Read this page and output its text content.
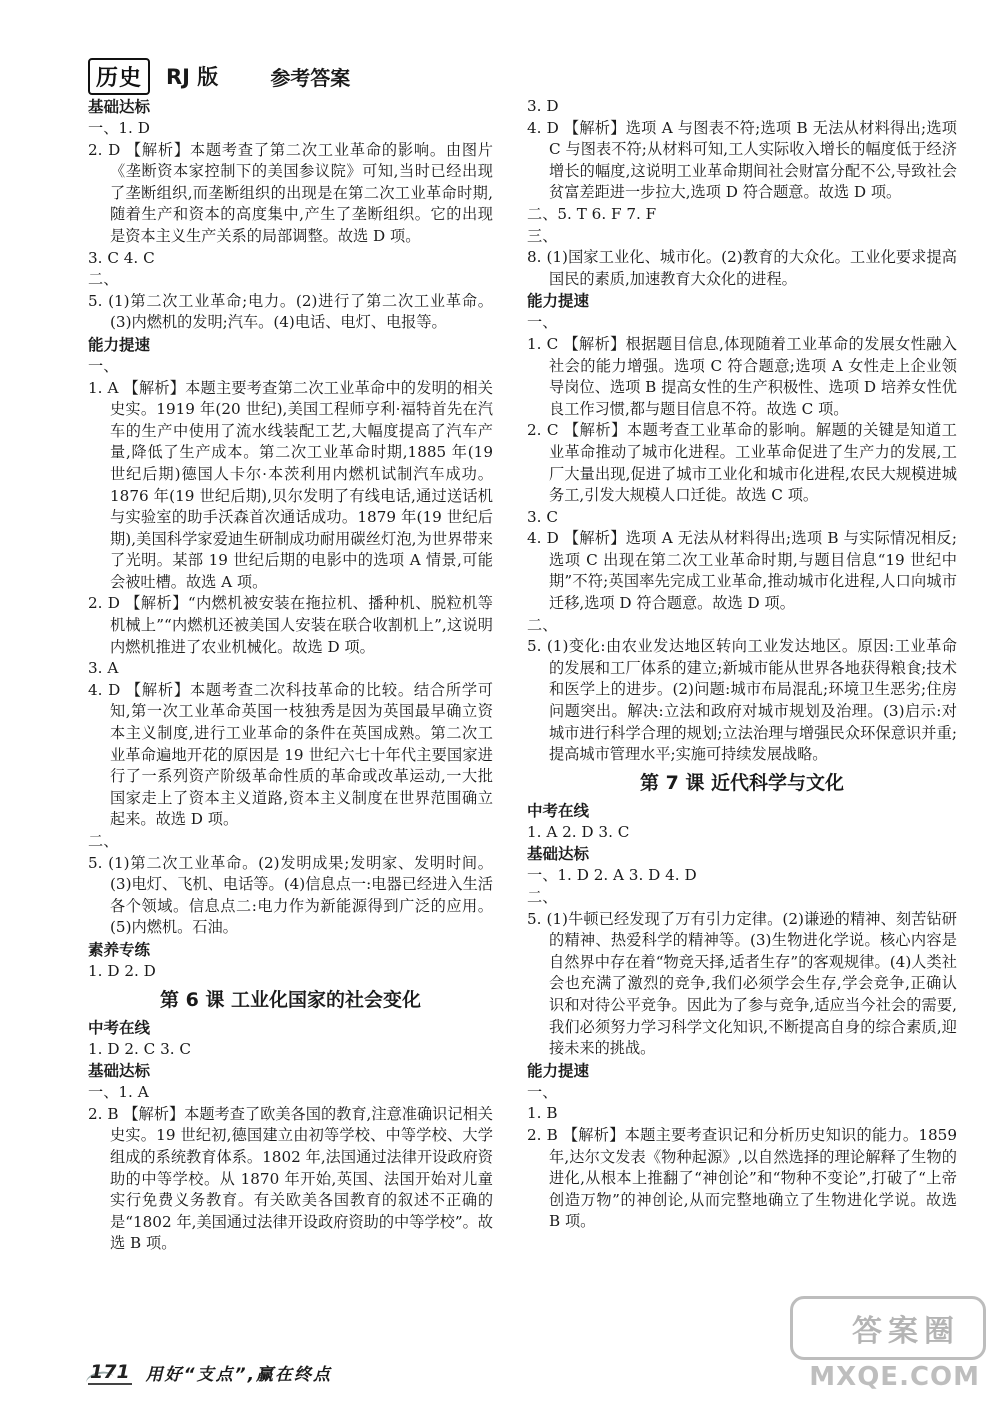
历史	RJ 版	参考答案
基础达标
一、1. D
2. D 【解析】本题考查了第二次工业革命的影响。由图片《垄断资本家控制下的美国参议院》可知,当时已经出现了垄断组织,而垄断组织的出现是在第二次工业革命时期,随着生产和资本的高度集中,产生了垄断组织。它的出现是资本主义生产关系的局部调整。故选 D 项。
3. C 4. C
二、
5. (1)第二次工业革命;电力。(2)进行了第二次工业革命。(3)内燃机的发明;汽车。(4)电话、电灯、电报等。
能力提速
一、
1. A 【解析】本题主要考查第二次工业革命中的发明的相关史实。1919 年(20 世纪),美国工程师亨利·福特首先在汽车的生产中使用了流水线装配工艺,大幅度提高了汽车产量,降低了生产成本。第二次工业革命时期,1885 年(19 世纪后期)德国人卡尔·本茨利用内燃机试制汽车成功。1876 年(19 世纪后期),贝尔发明了有线电话,通过送话机与实验室的助手沃森首次通话成功。1879 年(19 世纪后期),美国科学家爱迪生研制成功耐用碳丝灯泡,为世界带来了光明。某部 19 世纪后期的电影中的选项 A 情景,可能会被吐槽。故选 A 项。
2. D 【解析】“内燃机被安装在拖拉机、播种机、脱粒机等机械上”“内燃机还被美国人安装在联合收割机上”,这说明内燃机推进了农业机械化。故选 D 项。
3. A
4. D 【解析】本题考查二次科技革命的比较。结合所学可知,第一次工业革命英国一枝独秀是因为英国最早确立资本主义制度,进行工业革命的条件在英国成熟。第二次工业革命遍地开花的原因是 19 世纪六七十年代主要国家进行了一系列资产阶级革命性质的革命或改革运动,一大批国家走上了资本主义道路,资本主义制度在世界范围确立起来。故选 D 项。
二、
5. (1)第二次工业革命。(2)发明成果;发明家、发明时间。(3)电灯、飞机、电话等。(4)信息点一:电器已经进入生活各个领域。信息点二:电力作为新能源得到广泛的应用。(5)内燃机。石油。
素养专练
1. D 2. D
第 6 课 工业化国家的社会变化
中考在线
1. D 2. C 3. C
基础达标
一、1. A
2. B 【解析】本题考查了欧美各国的教育,注意准确识记相关史实。19 世纪初,德国建立由初等学校、中等学校、大学组成的系统教育体系。1802 年,法国通过法律开设政府资助的中等学校。从 1870 年开始,英国、法国开始对儿童实行免费义务教育。有关欧美各国教育的叙述不正确的是“1802 年,美国通过法律开设政府资助的中等学校”。故选 B 项。
3. D
4. D 【解析】选项 A 与图表不符;选项 B 无法从材料得出;选项 C 与图表不符;从材料可知,工人实际收入增长的幅度低于经济增长的幅度,这说明工业革命期间社会财富分配不公,导致社会贫富差距进一步拉大,选项 D 符合题意。故选 D 项。
二、5. T 6. F 7. F
三、
8. (1)国家工业化、城市化。(2)教育的大众化。工业化要求提高国民的素质,加速教育大众化的进程。
能力提速
一、
1. C 【解析】根据题目信息,体现随着工业革命的发展女性融入社会的能力增强。选项 C 符合题意;选项 A 女性走上企业领导岗位、选项 B 提高女性的生产积极性、选项 D 培养女性优良工作习惯,都与题目信息不符。故选 C 项。
2. C 【解析】本题考查工业革命的影响。解题的关键是知道工业革命推动了城市化进程。工业革命促进了生产力的发展,工厂大量出现,促进了城市工业化和城市化进程,农民大规模进城务工,引发大规模人口迁徙。故选 C 项。
3. C
4. D 【解析】选项 A 无法从材料得出;选项 B 与实际情况相反;选项 C 出现在第二次工业革命时期,与题目信息“19 世纪中期”不符;英国率先完成工业革命,推动城市化进程,人口向城市迁移,选项 D 符合题意。故选 D 项。
二、
5. (1)变化:由农业发达地区转向工业发达地区。原因:工业革命的发展和工厂体系的建立;新城市能从世界各地获得粮食;技术和医学上的进步。(2)问题:城市布局混乱;环境卫生恶劣;住房问题突出。解决:立法和政府对城市规划及治理。(3)启示:对城市进行科学合理的规划;立法治理与增强民众环保意识并重;提高城市管理水平;实施可持续发展战略。
第 7 课 近代科学与文化
中考在线
1. A 2. D 3. C
基础达标
一、1. D 2. A 3. D 4. D
二、
5. (1)牛顿已经发现了万有引力定律。(2)谦逊的精神、刻苦钻研的精神、热爱科学的精神等。(3)生物进化学说。核心内容是自然界中存在着“物竞天择,适者生存”的客观规律。(4)人类社会也充满了激烈的竞争,我们必须学会生存,学会竞争,正确认识和对待公平竞争。因此为了参与竞争,适应当今社会的需要,我们必须努力学习科学文化知识,不断提高自身的综合素质,迎接未来的挑战。
能力提速
一、
1. B
2. B 【解析】本题主要考查识记和分析历史知识的能力。1859 年,达尔文发表《物种起源》,以自然选择的理论解释了生物的进化,从根本上推翻了“神创论”和“物种不变论”,打破了“上帝创造万物”的神创论,从而完整地确立了生物进化学说。故选 B 项。
171 用好“支点”,赢在终点
答案圈
MXQE.COM
